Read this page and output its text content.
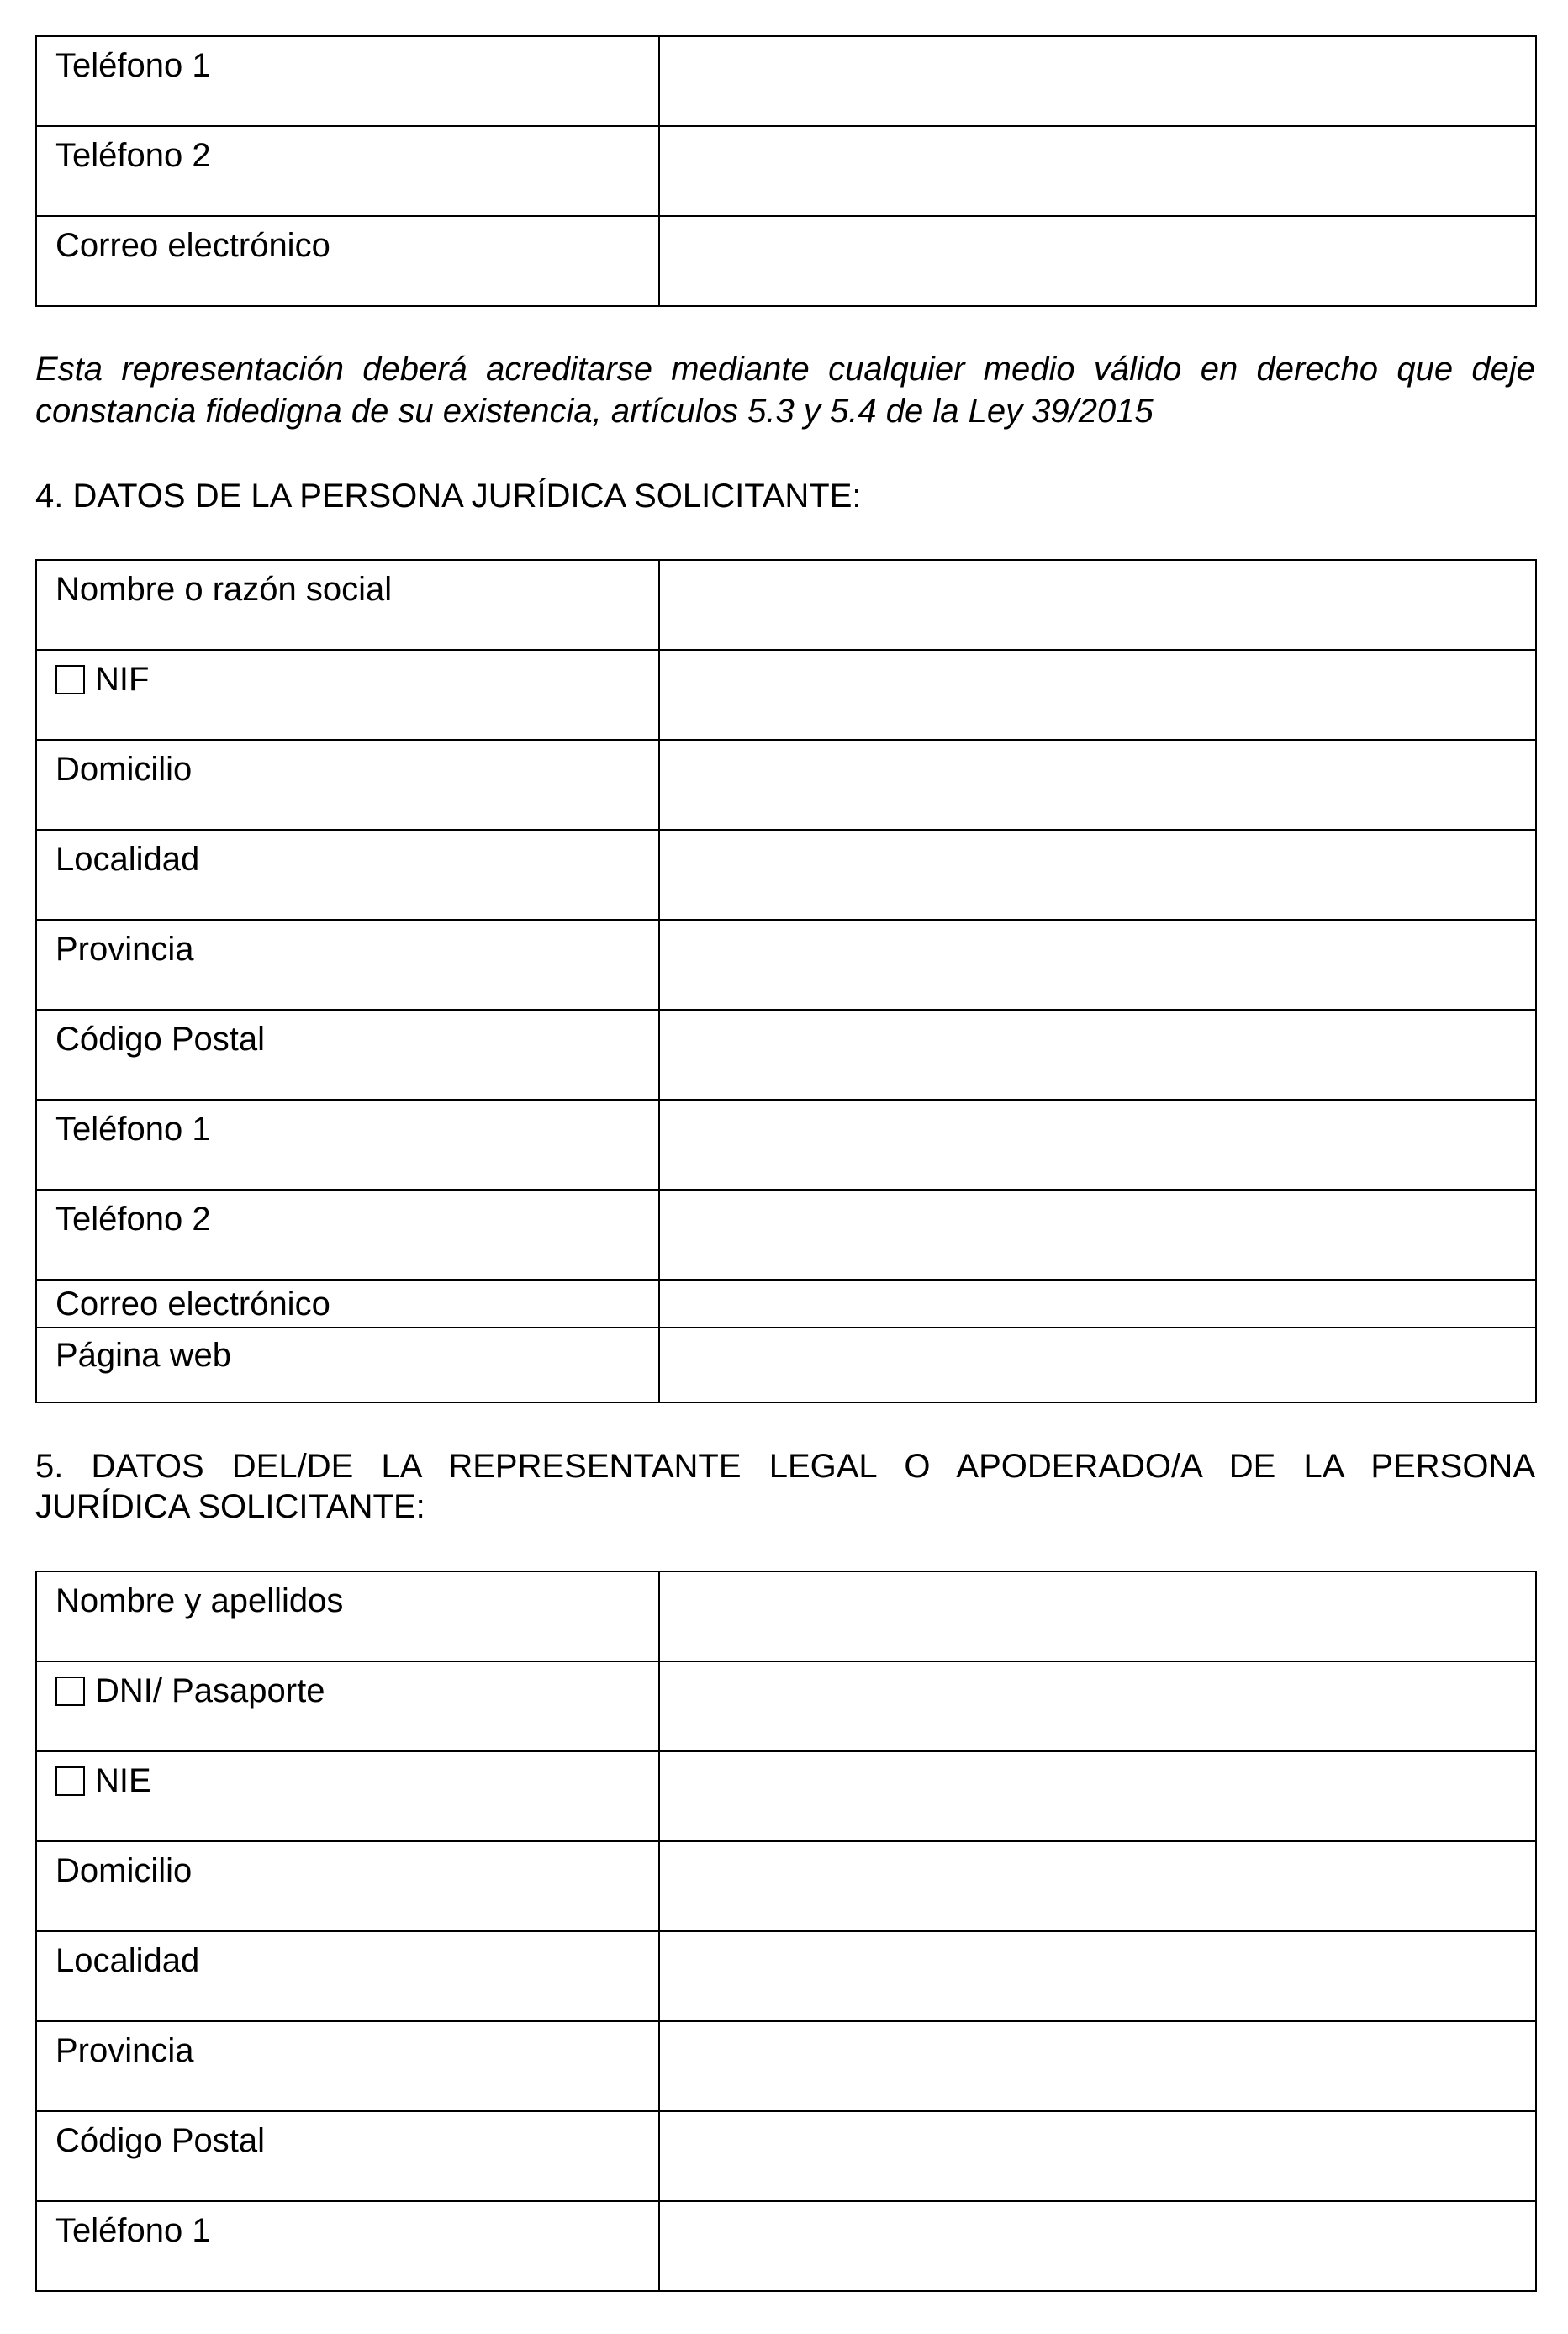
Teléfono 1	

Teléfono 2	

Correo electrónico	

Esta representación deberá acreditarse mediante cualquier medio válido en derecho que deje constancia fidedigna de su existencia, artículos 5.3 y 5.4 de la Ley 39/2015
4. DATOS DE LA PERSONA JURÍDICA SOLICITANTE:
Nombre o razón social	

NIF	

Domicilio	

Localidad	

Provincia	

Código Postal	

Teléfono 1	

Teléfono 2	

Correo electrónico	

Página web	

5. DATOS DEL/DE LA REPRESENTANTE LEGAL O APODERADO/A DE LA PERSONA
JURÍDICA SOLICITANTE:
Nombre y apellidos	

DNI/ Pasaporte	

NIE	

Domicilio	

Localidad	

Provincia	

Código Postal	

Teléfono 1	
